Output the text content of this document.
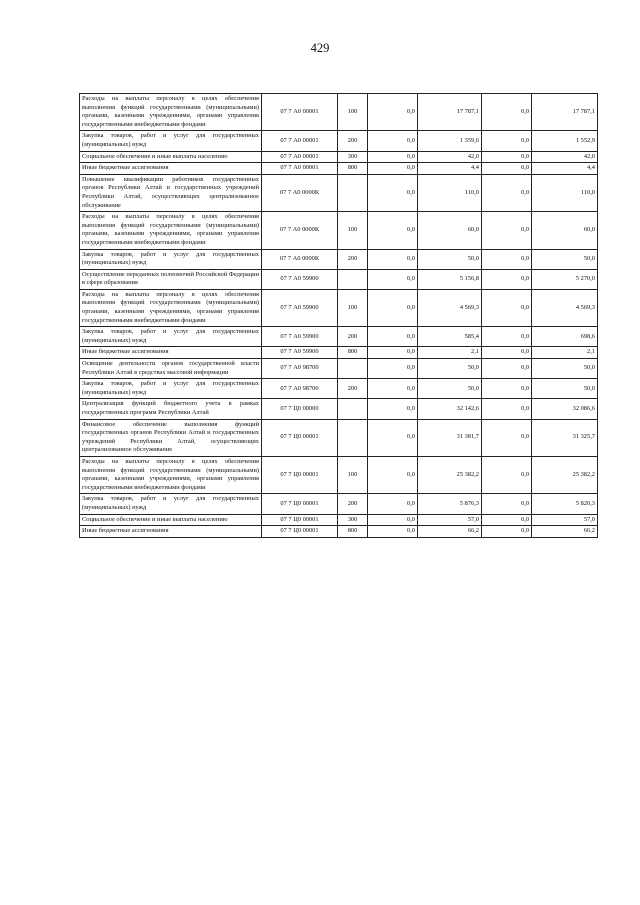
429
Расходы на выплаты персоналу в целях обеспечения выполнения функций государственными (муниципальными) органами, казенными учреждениями, органами управления государственными внебюджетными фондами	07 7 А0 00001	100	0,0	17 787,1	0,0	17 787,1
Закупка товаров, работ и услуг для государственных (муниципальных) нужд	07 7 А0 00001	200	0,0	1 359,6	0,0	1 552,9
Социальное обеспечение и иные выплаты населению	07 7 А0 00001	300	0,0	42,0	0,0	42,0
Иные бюджетные ассигнования	07 7 А0 00001	800	0,0	4,4	0,0	4,4
Повышение квалификации работников государственных органов Республики Алтай и государственных учреждений Республики Алтай, осуществляющих централизованное обслуживание	07 7 А0 0000К		0,0	110,0	0,0	110,0
Расходы на выплаты персоналу в целях обеспечения выполнения функций государственными (муниципальными) органами, казенными учреждениями, органами управления государственными внебюджетными фондами	07 7 А0 0000К	100	0,0	60,0	0,0	60,0
Закупка товаров, работ и услуг для государственных (муниципальных) нужд	07 7 А0 0000К	200	0,0	50,0	0,0	50,0
Осуществление переданных полномочий Российской Федерации в сфере образования	07 7 А0 59900		0,0	5 156,8	0,0	5 270,0
Расходы на выплаты персоналу в целях обеспечения выполнения функций государственными (муниципальными) органами, казенными учреждениями, органами управления государственными внебюджетными фондами	07 7 А0 59900	100	0,0	4 569,3	0,0	4 569,3
Закупка товаров, работ и услуг для государственных (муниципальных) нужд	07 7 А0 59900	200	0,0	585,4	0,0	698,6
Иные бюджетные ассигнования	07 7 А0 59900	800	0,0	2,1	0,0	2,1
Освещение деятельности органов государственной власти Республики Алтай в средствах массовой информации	07 7 А0 98700		0,0	50,0	0,0	50,0
Закупка товаров, работ и услуг для государственных (муниципальных) нужд	07 7 А0 98700	200	0,0	50,0	0,0	50,0
Централизация функций бюджетного учета в рамках государственных программ Республики Алтай	07 7 Ц0 00000		0,0	32 142,6	0,0	32 086,6
Финансовое обеспечение выполнения функций государственных органов Республики Алтай и государственных учреждений Республики Алтай, осуществляющих централизованное обслуживание	07 7 Ц0 00001		0,0	31 381,7	0,0	31 325,7
Расходы на выплаты персоналу в целях обеспечения выполнения функций государственными (муниципальными) органами, казенными учреждениями, органами управления государственными внебюджетными фондами	07 7 Ц0 00001	100	0,0	25 382,2	0,0	25 382,2
Закупка товаров, работ и услуг для государственных (муниципальных) нужд	07 7 Ц0 00001	200	0,0	5 876,3	0,0	5 820,3
Социальное обеспечение и иные выплаты населению	07 7 Ц0 00001	300	0,0	57,0	0,0	57,0
Иные бюджетные ассигнования	07 7 Ц0 00001	800	0,0	66,2	0,0	66,2
